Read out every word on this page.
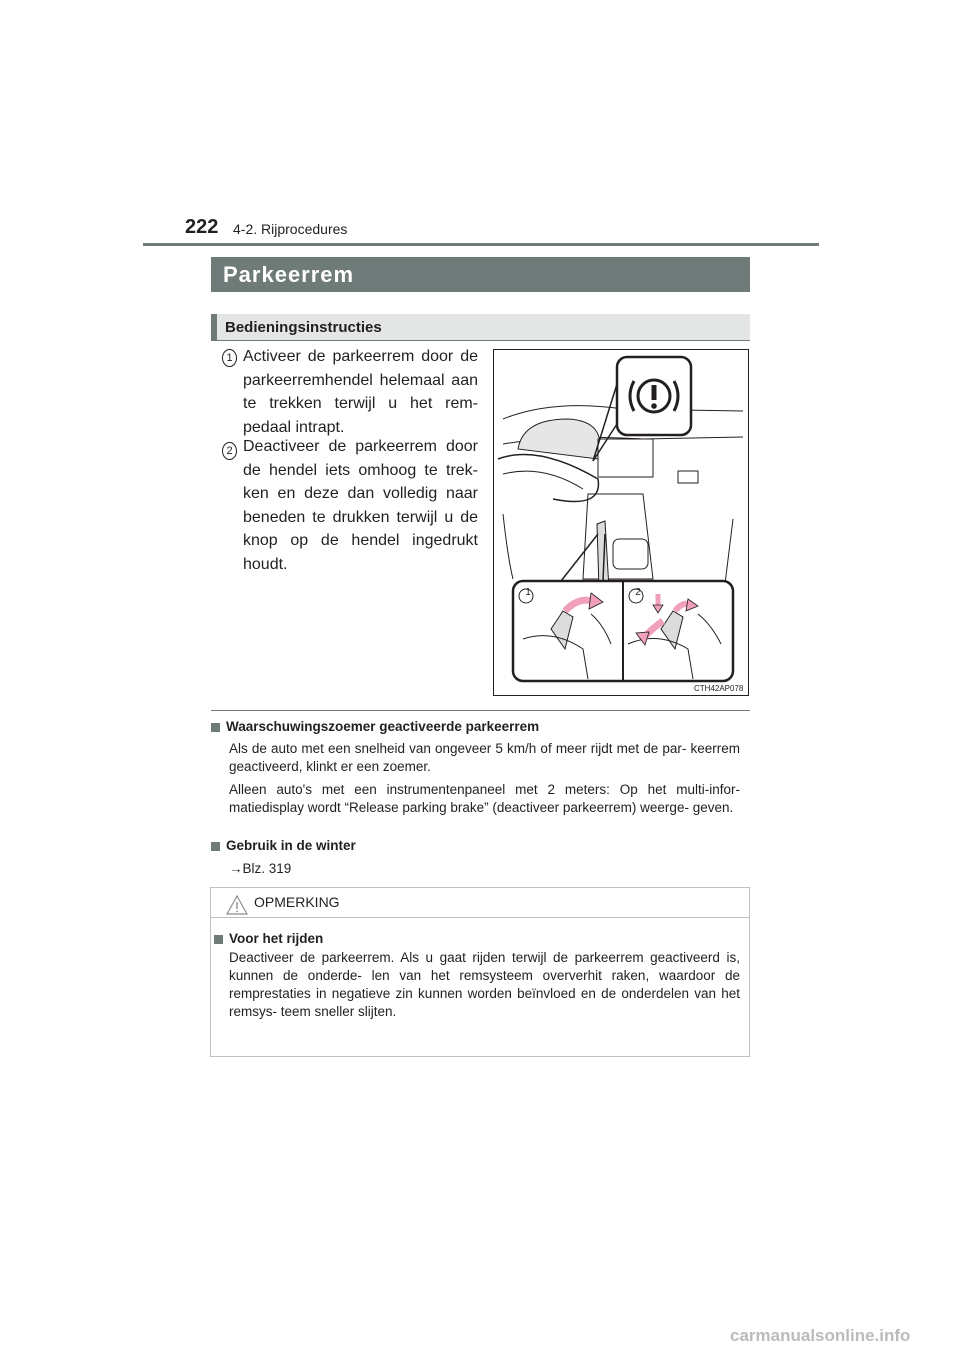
222 4-2. Rijprocedures
Parkeerrem
Bedieningsinstructies
1 Activeer de parkeerrem door de parkeerremhendel helemaal aan te trekken terwijl u het rem- pedaal intrapt.
2 Deactiveer de parkeerrem door de hendel iets omhoog te trek- ken en deze dan volledig naar beneden te drukken terwijl u de knop op de hendel ingedrukt houdt.
1	2
CTH42AP078
Waarschuwingszoemer geactiveerde parkeerrem
Als de auto met een snelheid van ongeveer 5 km/h of meer rijdt met de par- keerrem geactiveerd, klinkt er een zoemer.
Alleen auto's met een instrumentenpaneel met 2 meters: Op het multi-infor- matiedisplay wordt “Release parking brake” (deactiveer parkeerrem) weerge- geven.
Gebruik in de winter
→Blz. 319
OPMERKING
Voor het rijden
Deactiveer de parkeerrem. Als u gaat rijden terwijl de parkeerrem geactiveerd is, kunnen de onderde- len van het remsysteem oververhit raken, waardoor de remprestaties in negatieve zin kunnen worden beïnvloed en de onderdelen van het remsys- teem sneller slijten.
carmanualsonline.info
